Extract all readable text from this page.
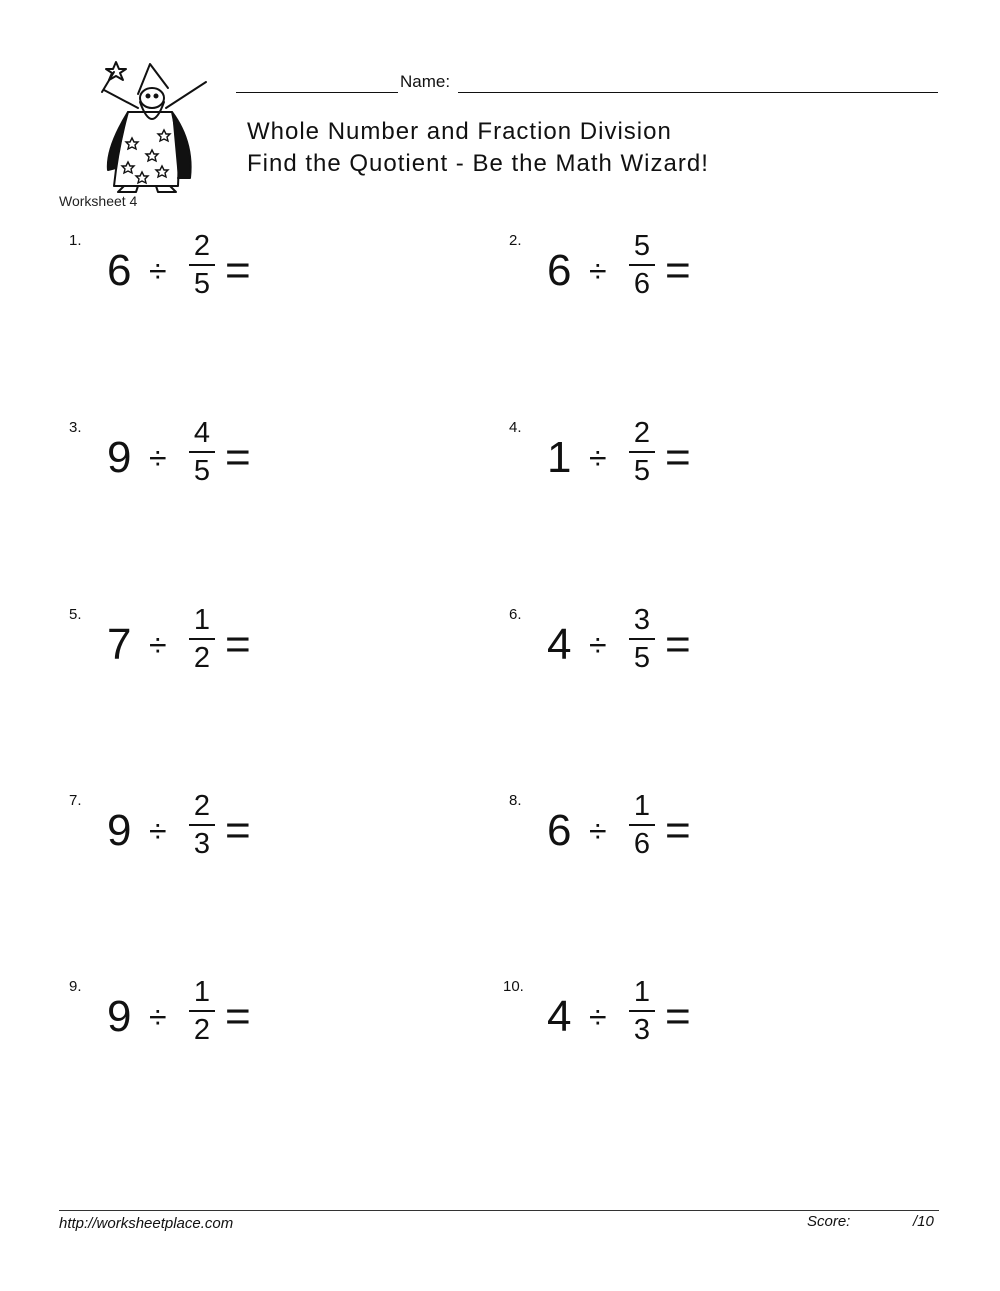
Worksheet 4
Name:
Whole Number and Fraction Division
Find the Quotient - Be the Math Wizard!
1.
6 ÷
2
5 =
2.
6 ÷
5
6 =
3.
9 ÷
4
5 =
4.
1 ÷
2
5 =
5.
7 ÷
1
2 =
6.
4 ÷
3
5 =
7.
9 ÷
2
3 =
8.
6 ÷
1
6 =
9.
9 ÷
1
2 =
10.
4 ÷
1
3 =
http://worksheetplace.com	Score:	/10
